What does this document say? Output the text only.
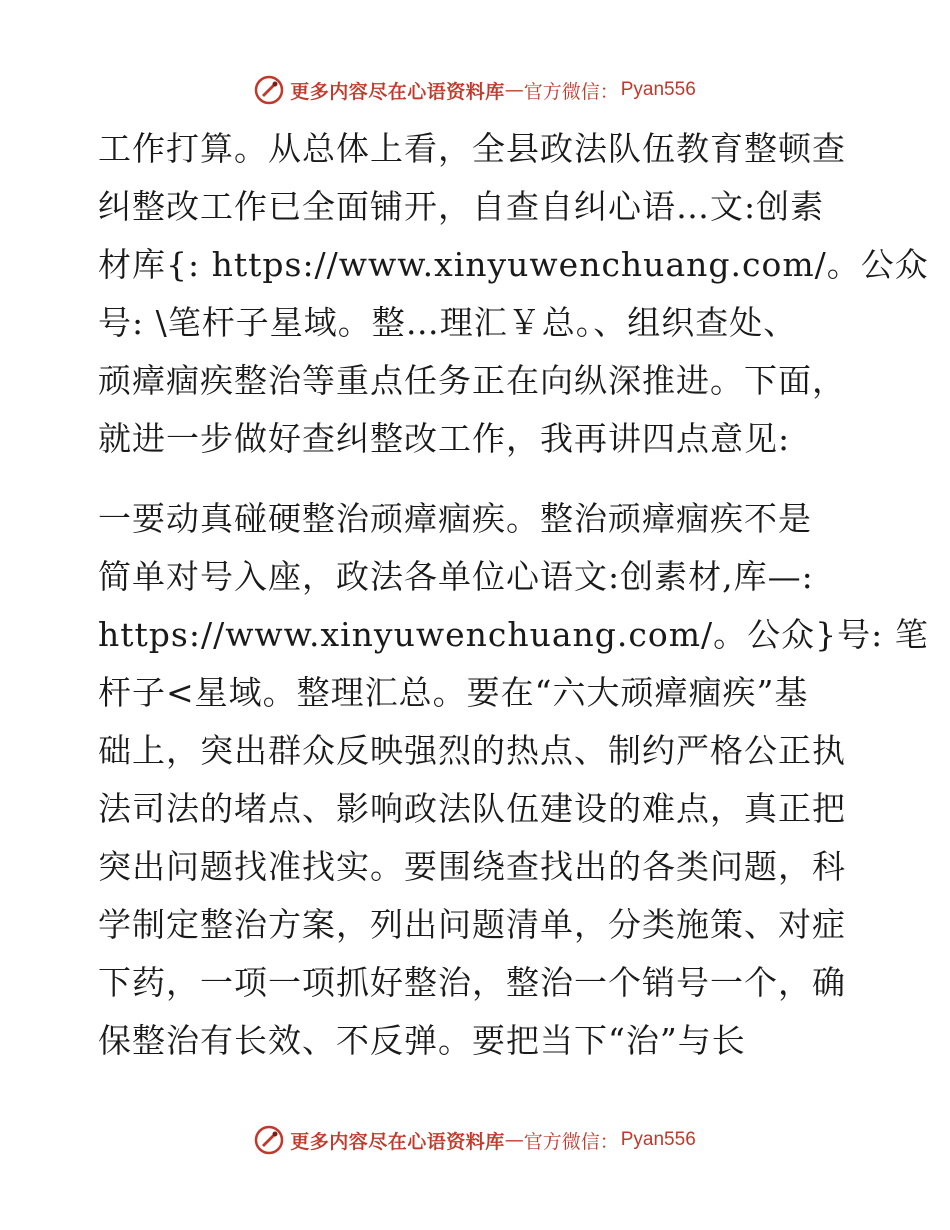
更多内容尽在心语资料库 — 官方微信： Pyan556
工作打算。从总体上看，全县政法队伍教育整顿查
纠整改工作已全面铺开，自查自纠心语…文:创素
材库{: https://www.xinyuwenchuang.com/。公众
号: \笔杆子星域。整…理汇￥总。、组织查处、
顽瘴痼疾整治等重点任务正在向纵深推进。下面，
就进一步做好查纠整改工作，我再讲四点意见:
一要动真碰硬整治顽瘴痼疾。整治顽瘴痼疾不是
简单对号入座，政法各单位心语文:创素材,库—:
https://www.xinyuwenchuang.com/。公众}号: 笔
杆子<星域。整理汇总。要在“六大顽瘴痼疾”基
础上，突出群众反映强烈的热点、制约严格公正执
法司法的堵点、影响政法队伍建设的难点，真正把
突出问题找准找实。要围绕查找出的各类问题，科
学制定整治方案，列出问题清单，分类施策、对症
下药，一项一项抓好整治，整治一个销号一个，确
保整治有长效、不反弹。要把当下“治”与长
更多内容尽在心语资料库 — 官方微信： Pyan556
